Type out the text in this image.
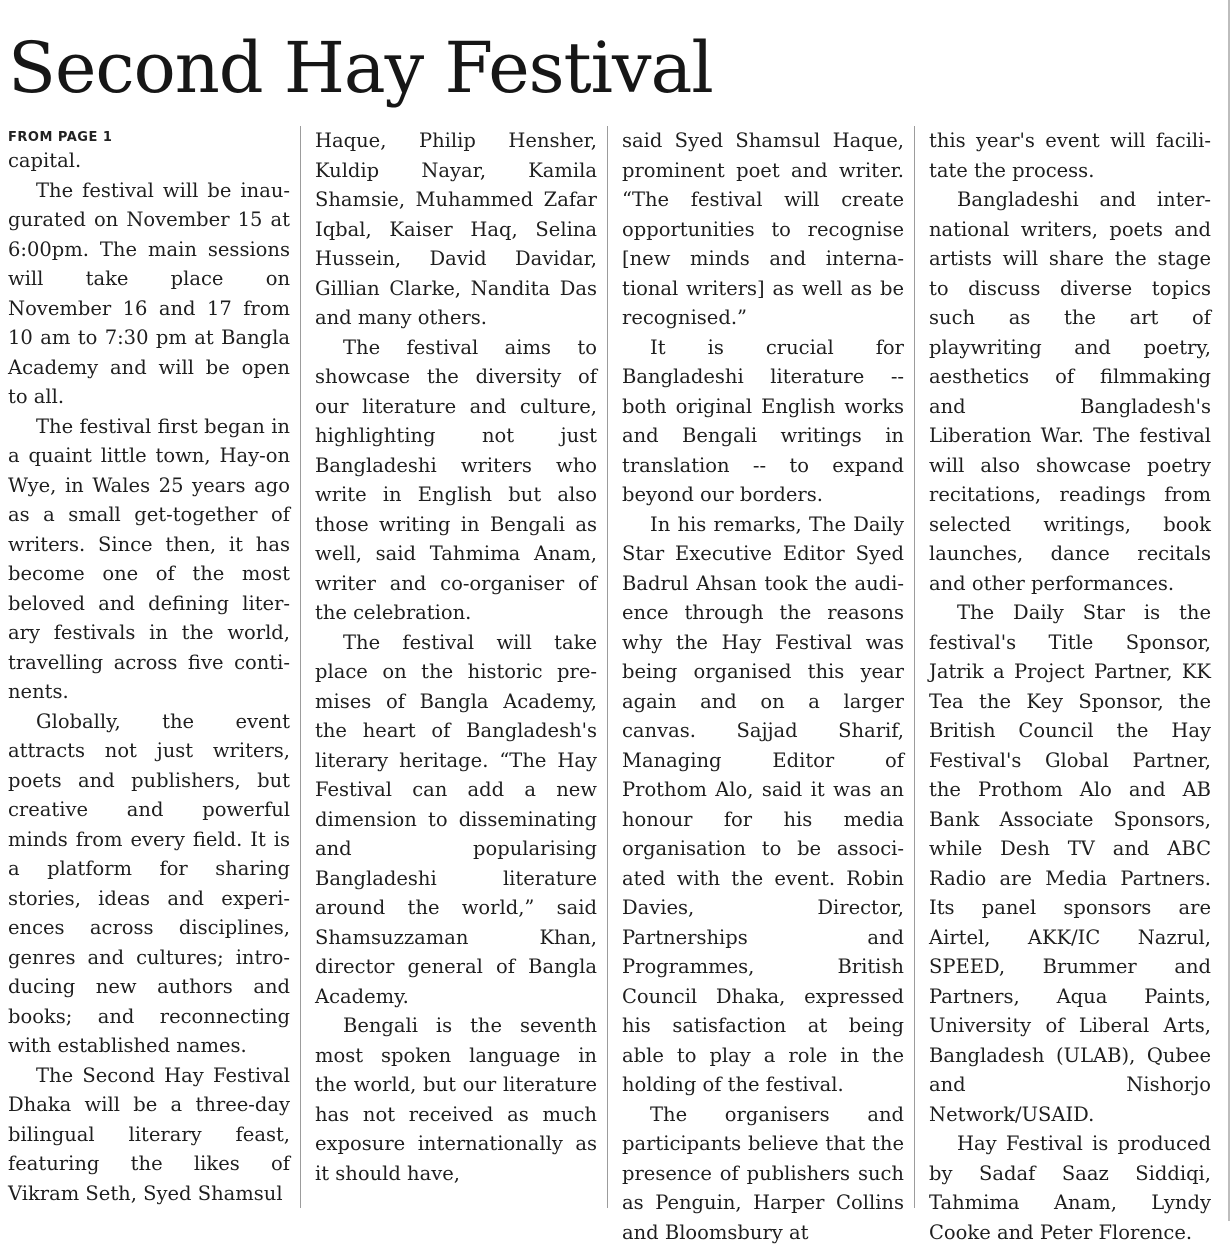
Second Hay Festival
FROM PAGE 1

capital.

The festival will be inaugurated on November 15 at 6:00pm. The main sessions will take place on November 16 and 17 from 10 am to 7:30 pm at Bangla Academy and will be open to all.

The festival first began in a quaint little town, Hay-on Wye, in Wales 25 years ago as a small get-together of writers. Since then, it has become one of the most beloved and defining literary festivals in the world, travelling across five continents.

Globally, the event attracts not just writers, poets and publishers, but creative and powerful minds from every field. It is a platform for sharing stories, ideas and experiences across disciplines, genres and cultures; introducing new authors and books; and reconnecting with established names.

The Second Hay Festival Dhaka will be a three-day bilingual literary feast, featuring the likes of Vikram Seth, Syed Shamsul

Haque, Philip Hensher, Kuldip Nayar, Kamila Shamsie, Muhammed Zafar Iqbal, Kaiser Haq, Selina Hussein, David Davidar, Gillian Clarke, Nandita Das and many others.

The festival aims to showcase the diversity of our literature and culture, highlighting not just Bangladeshi writers who write in English but also those writing in Bengali as well, said Tahmima Anam, writer and co-organiser of the celebration.

The festival will take place on the historic premises of Bangla Academy, the heart of Bangladesh's literary heritage. “The Hay Festival can add a new dimension to disseminating and popularising Bangladeshi literature around the world,” said Shamsuzzaman Khan, director general of Bangla Academy.

Bengali is the seventh most spoken language in the world, but our literature has not received as much exposure internationally as it should have,

said Syed Shamsul Haque, prominent poet and writer. “The festival will create opportunities to recognise [new minds and international writers] as well as be recognised.”

It is crucial for Bangladeshi literature -- both original English works and Bengali writings in translation -- to expand beyond our borders.

In his remarks, The Daily Star Executive Editor Syed Badrul Ahsan took the audience through the reasons why the Hay Festival was being organised this year again and on a larger canvas. Sajjad Sharif, Managing Editor of Prothom Alo, said it was an honour for his media organisation to be associated with the event. Robin Davies, Director, Partnerships and Programmes, British Council Dhaka, expressed his satisfaction at being able to play a role in the holding of the festival.

The organisers and participants believe that the presence of publishers such as Penguin, Harper Collins and Bloomsbury at

this year's event will facilitate the process.

Bangladeshi and international writers, poets and artists will share the stage to discuss diverse topics such as the art of playwriting and poetry, aesthetics of filmmaking and Bangladesh's Liberation War. The festival will also showcase poetry recitations, readings from selected writings, book launches, dance recitals and other performances.

The Daily Star is the festival's Title Sponsor, Jatrik a Project Partner, KK Tea the Key Sponsor, the British Council the Hay Festival's Global Partner, the Prothom Alo and AB Bank Associate Sponsors, while Desh TV and ABC Radio are Media Partners. Its panel sponsors are Airtel, AKK/IC Nazrul, SPEED, Brummer and Partners, Aqua Paints, University of Liberal Arts, Bangladesh (ULAB), Qubee and Nishorjo Network/USAID.

Hay Festival is produced by Sadaf Saaz Siddiqi, Tahmima Anam, Lyndy Cooke and Peter Florence.
